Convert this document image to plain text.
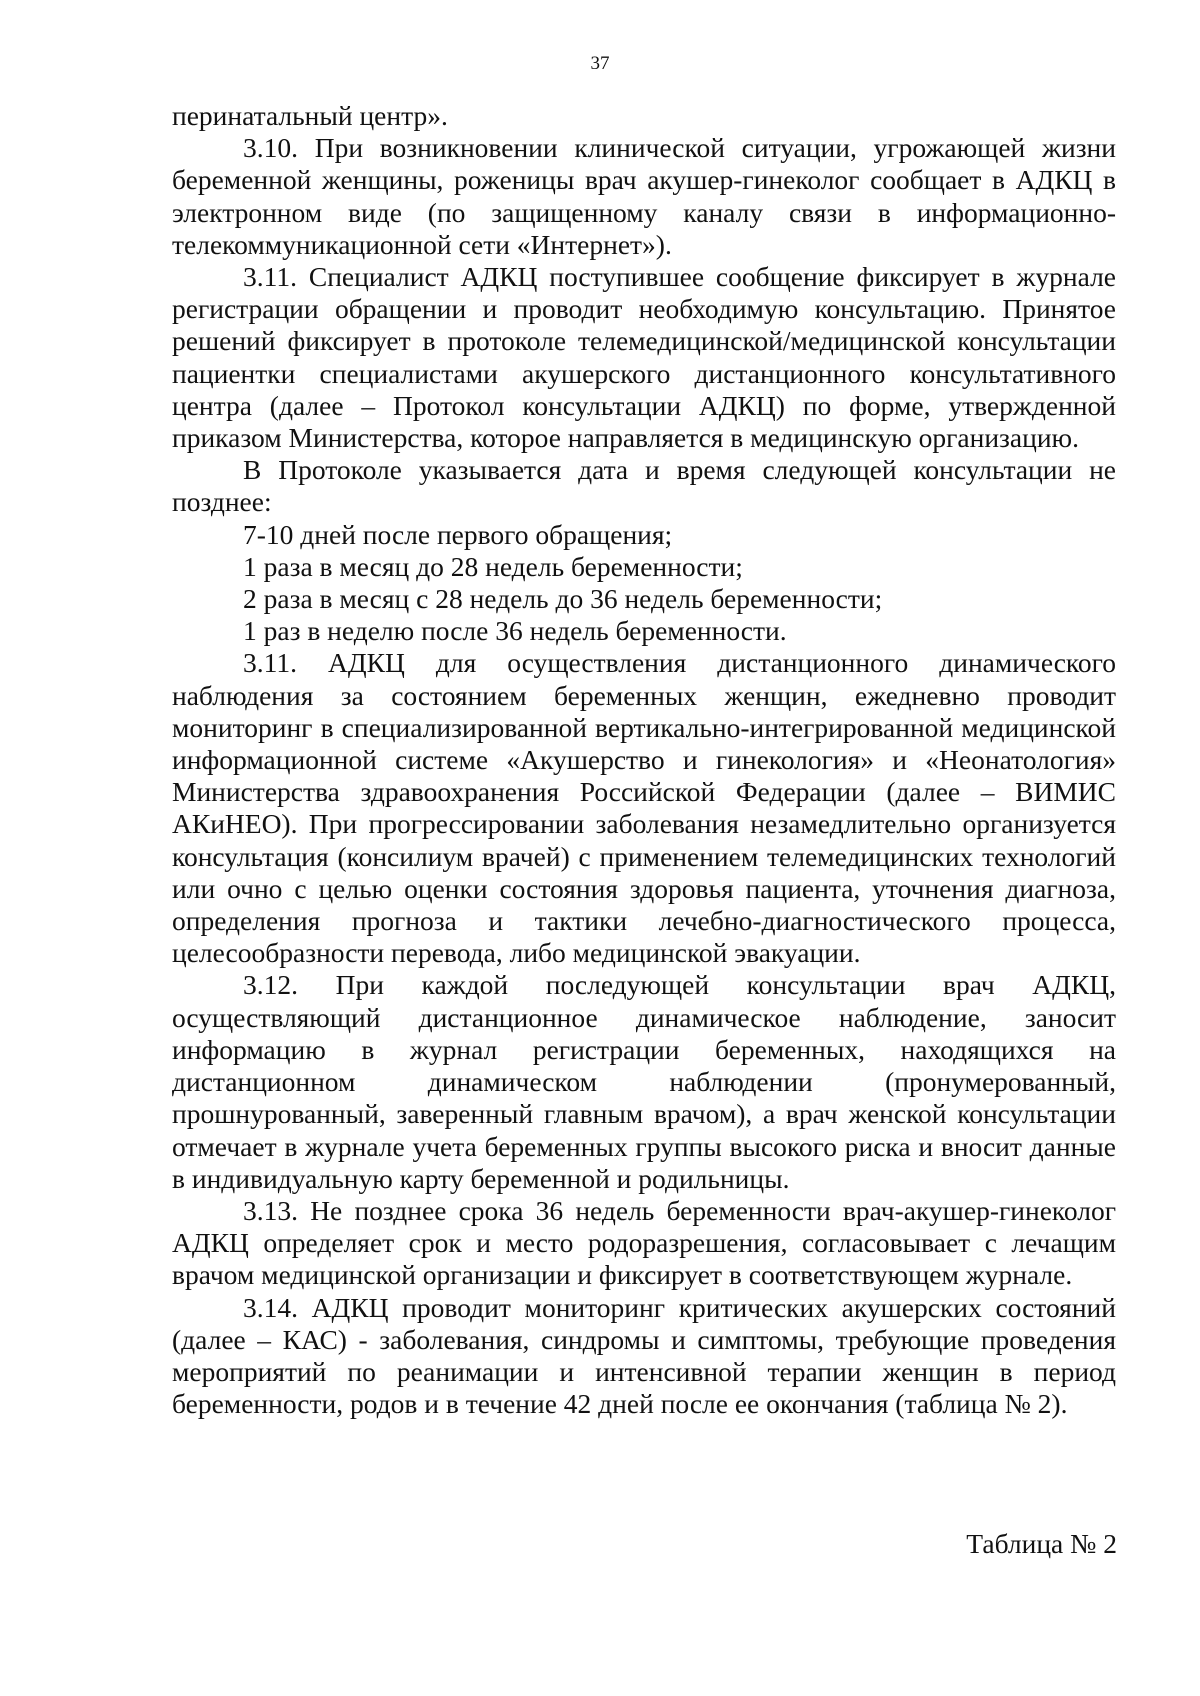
37

перинатальный центр».

3.10. При возникновении клинической ситуации, угрожающей жизни беременной женщины, роженицы врач акушер-гинеколог сообщает в АДКЦ в электронном виде (по защищенному каналу связи в информационно-телекоммуникационной сети «Интернет»).

3.11. Специалист АДКЦ поступившее сообщение фиксирует в журнале регистрации обращении и проводит необходимую консультацию. Принятое решений фиксирует в протоколе телемедицинской/медицинской консультации пациентки специалистами акушерского дистанционного консультативного центра (далее – Протокол консультации АДКЦ) по форме, утвержденной приказом Министерства, которое направляется в медицинскую организацию.

В Протоколе указывается дата и время следующей консультации не позднее:

7-10 дней после первого обращения;

1 раза в месяц до 28 недель беременности;

2 раза в месяц с 28 недель до 36 недель беременности;

1 раз в неделю после 36 недель беременности.

3.11. АДКЦ для осуществления дистанционного динамического наблюдения за состоянием беременных женщин, ежедневно проводит мониторинг в специализированной вертикально-интегрированной медицинской информационной системе «Акушерство и гинекология» и «Неонатология» Министерства здравоохранения Российской Федерации (далее – ВИМИС АКиНЕО). При прогрессировании заболевания незамедлительно организуется консультация (консилиум врачей) с применением телемедицинских технологий или очно с целью оценки состояния здоровья пациента, уточнения диагноза, определения прогноза и тактики лечебно-диагностического процесса, целесообразности перевода, либо медицинской эвакуации.

3.12. При каждой последующей консультации врач АДКЦ, осуществляющий дистанционное динамическое наблюдение, заносит информацию в журнал регистрации беременных, находящихся на дистанционном динамическом наблюдении (пронумерованный, прошнурованный, заверенный главным врачом), а врач женской консультации отмечает в журнале учета беременных группы высокого риска и вносит данные в индивидуальную карту беременной и родильницы.

3.13. Не позднее срока 36 недель беременности врач-акушер-гинеколог АДКЦ определяет срок и место родоразрешения, согласовывает с лечащим врачом медицинской организации и фиксирует в соответствующем журнале.

3.14. АДКЦ проводит мониторинг критических акушерских состояний (далее – КАС) - заболевания, синдромы и симптомы, требующие проведения мероприятий по реанимации и интенсивной терапии женщин в период беременности, родов и в течение 42 дней после ее окончания (таблица № 2).

Таблица № 2
